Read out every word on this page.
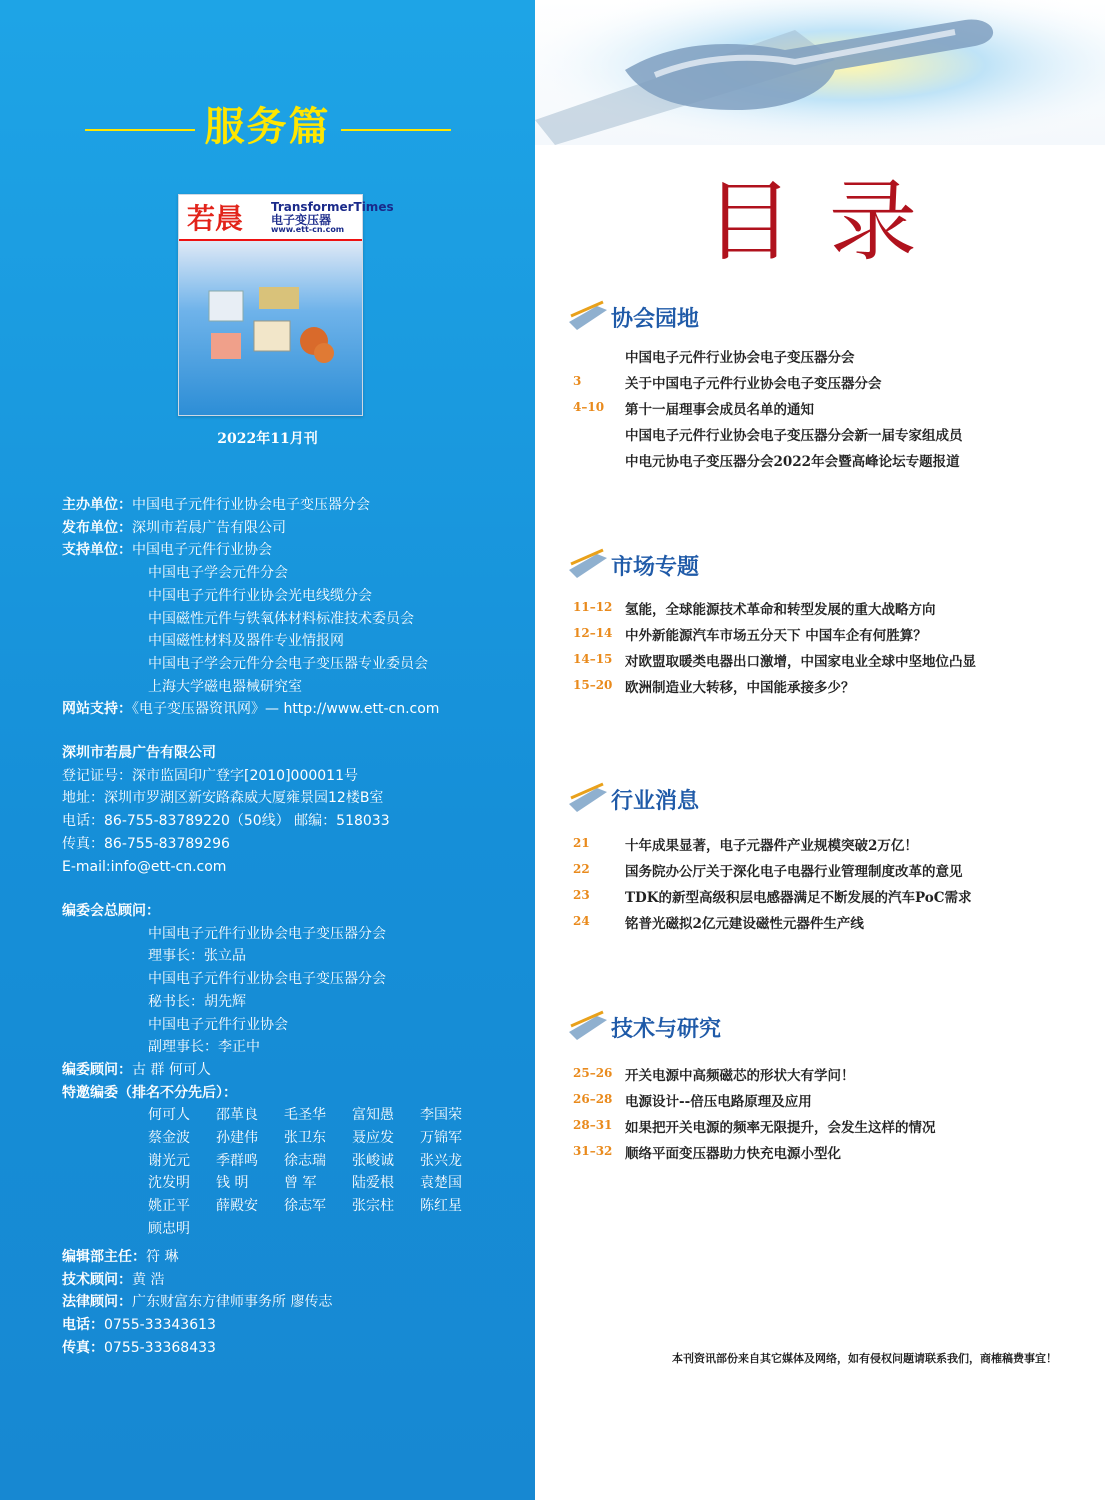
服务篇
若晨 TransformerTimes
电子变压器
www.ett-cn.com
2022年11月刊
主办单位：中国电子元件行业协会电子变压器分会
发布单位：深圳市若晨广告有限公司
支持单位：中国电子元件行业协会
中国电子学会元件分会
中国电子元件行业协会光电线缆分会
中国磁性元件与铁氧体材料标准技术委员会
中国磁性材料及器件专业情报网
中国电子学会元件分会电子变压器专业委员会
上海大学磁电器械研究室
网站支持：《电子变压器资讯网》— http://www.ett-cn.com
深圳市若晨广告有限公司
登记证号：深市监固印广登字[2010]000011号
地址：深圳市罗湖区新安路森威大厦雍景园12楼B室
电话：86-755-83789220（50线） 邮编：518033
传真：86-755-83789296
E-mail:info@ett-cn.com
编委会总顾问：
中国电子元件行业协会电子变压器分会
理事长：张立品
中国电子元件行业协会电子变压器分会
秘书长：胡先辉
中国电子元件行业协会
副理事长：李正中
编委顾问：古 群 何可人
特邀编委（排名不分先后）：
何可人	邵革良	毛圣华	富知愚	李国荣
蔡金波	孙建伟	张卫东	聂应发	万锦军
谢光元	季群鸣	徐志瑞	张峻诚	张兴龙
沈发明	钱 明	曾 军	陆爱根	袁楚国
姚正平	薛殿安	徐志军	张宗柱	陈红星
顾忠明
编辑部主任：符 琳
技术顾问：黄 浩
法律顾问：广东财富东方律师事务所 廖传志
电话：0755-33343613
传真：0755-33368433
目录
协会园地
中国电子元件行业协会电子变压器分会
3	关于中国电子元件行业协会电子变压器分会
4–10 第十一届理事会成员名单的通知
中国电子元件行业协会电子变压器分会新一届专家组成员
中电元协电子变压器分会2022年会暨高峰论坛专题报道
市场专题
11–12 氢能，全球能源技术革命和转型发展的重大战略方向
12–14 中外新能源汽车市场五分天下 中国车企有何胜算？
14–15 对欧盟取暖类电器出口激增，中国家电业全球中坚地位凸显
15–20 欧洲制造业大转移，中国能承接多少？
行业消息
21	十年成果显著，电子元器件产业规模突破2万亿！
22	国务院办公厅关于深化电子电器行业管理制度改革的意见
23	TDK的新型高级积层电感器满足不断发展的汽车PoC需求
24	铭普光磁拟2亿元建设磁性元器件生产线
技术与研究
25–26 开关电源中高频磁芯的形状大有学问！
26–28 电源设计--倍压电路原理及应用
28–31 如果把开关电源的频率无限提升，会发生这样的情况
31–32 顺络平面变压器助力快充电源小型化
本刊资讯部份来自其它媒体及网络，如有侵权问题请联系我们，商榷稿费事宜！
